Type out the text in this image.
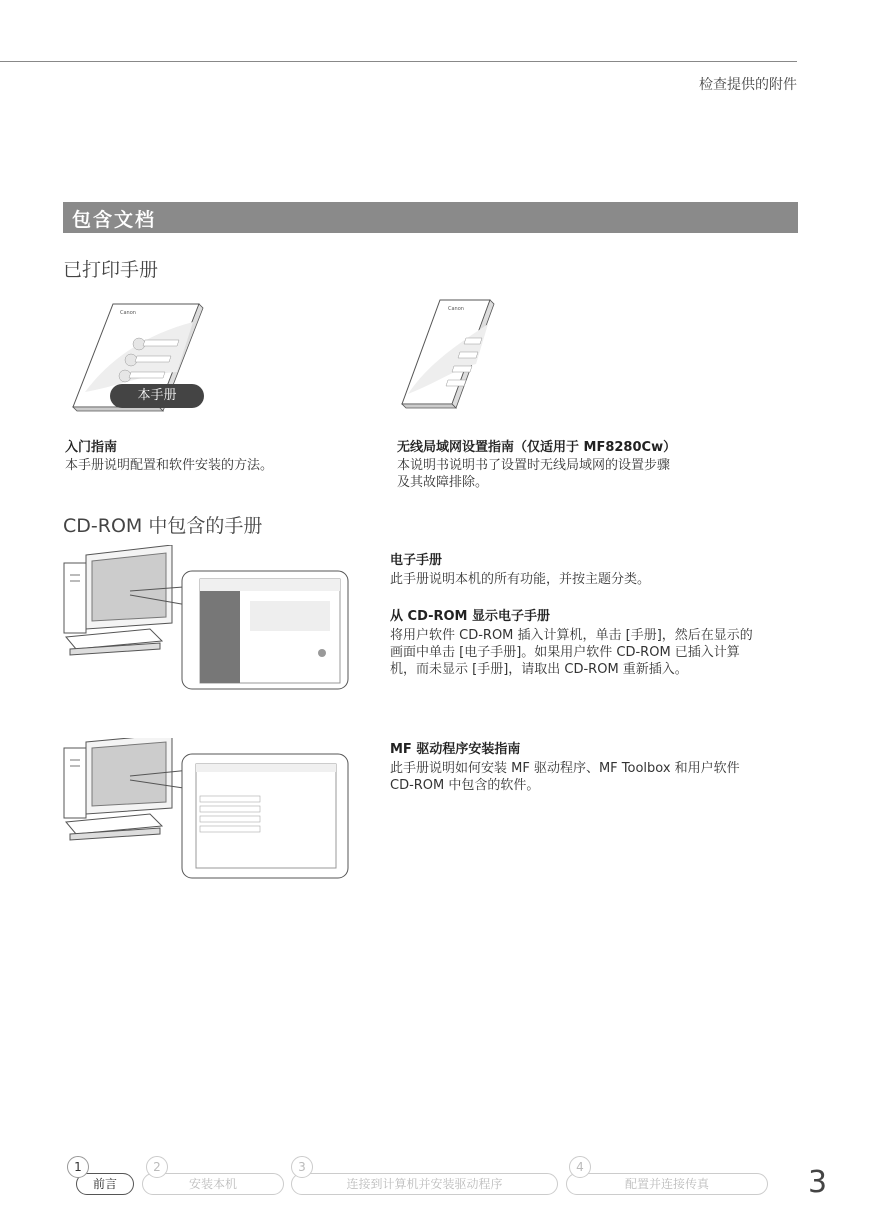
检查提供的附件
包含文档
已打印手册
Canon
本手册
Canon
入门指南
本手册说明配置和软件安装的方法。
无线局域网设置指南（仅适用于 MF8280Cw）
本说明书说明书了设置时无线局域网的设置步骤
及其故障排除。
CD-ROM 中包含的手册
电子手册
此手册说明本机的所有功能，并按主题分类。
从 CD-ROM 显示电子手册
将用户软件 CD-ROM 插入计算机，单击 [手册]，然后在显示的
画面中单击 [电子手册]。如果用户软件 CD-ROM 已插入计算
机，而未显示 [手册]，请取出 CD-ROM 重新插入。
MF 驱动程序安装指南
此手册说明如何安装 MF 驱动程序、MF Toolbox 和用户软件
CD-ROM 中包含的软件。
前言
1
安装本机
2
连接到计算机并安装驱动程序
3
配置并连接传真
4	3
